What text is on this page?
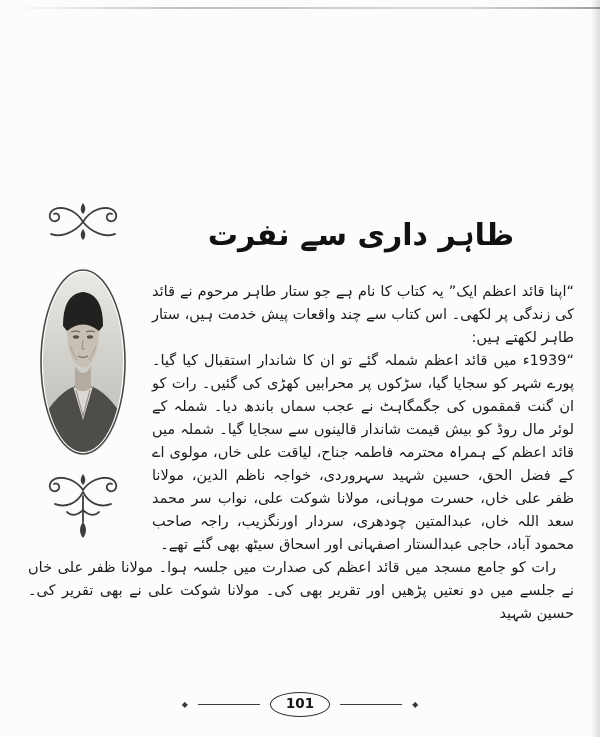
ظاہر داری سے نفرت

“اپنا قائد اعظم ایک” یہ کتاب کا نام ہے جو ستار طاہر مرحوم نے قائد کی زندگی پر لکھی۔ اس کتاب سے چند واقعات پیش خدمت ہیں، ستار طاہر لکھتے ہیں:

“1939ء میں قائد اعظم شملہ گئے تو ان کا شاندار استقبال کیا گیا۔ پورے شہر کو سجایا گیا، سڑکوں پر محرابیں کھڑی کی گئیں۔ رات کو ان گنت قمقموں کی جگمگاہٹ نے عجب سماں باندھ دیا۔ شملہ کے لوئر مال روڈ کو بیش قیمت شاندار قالینوں سے سجایا گیا۔ شملہ میں قائد اعظم کے ہمراہ محترمہ فاطمہ جناح، لیاقت علی خاں، مولوی اے کے فضل الحق، حسین شہید سہروردی، خواجہ ناظم الدین، مولانا ظفر علی خاں، حسرت موہانی، مولانا شوکت علی، نواب سر محمد سعد اللہ خاں، عبدالمتین چودھری، سردار اورنگزیب، راجہ صاحب محمود آباد، حاجی عبدالستار اصفہانی اور اسحاق سیٹھ بھی گئے تھے۔

رات کو جامع مسجد میں قائد اعظم کی صدارت میں جلسہ ہوا۔ مولانا ظفر علی خاں نے جلسے میں دو نعتیں پڑھیں اور تقریر بھی کی۔ مولانا شوکت علی نے بھی تقریر کی۔ حسین شہید

◆	101	◆
